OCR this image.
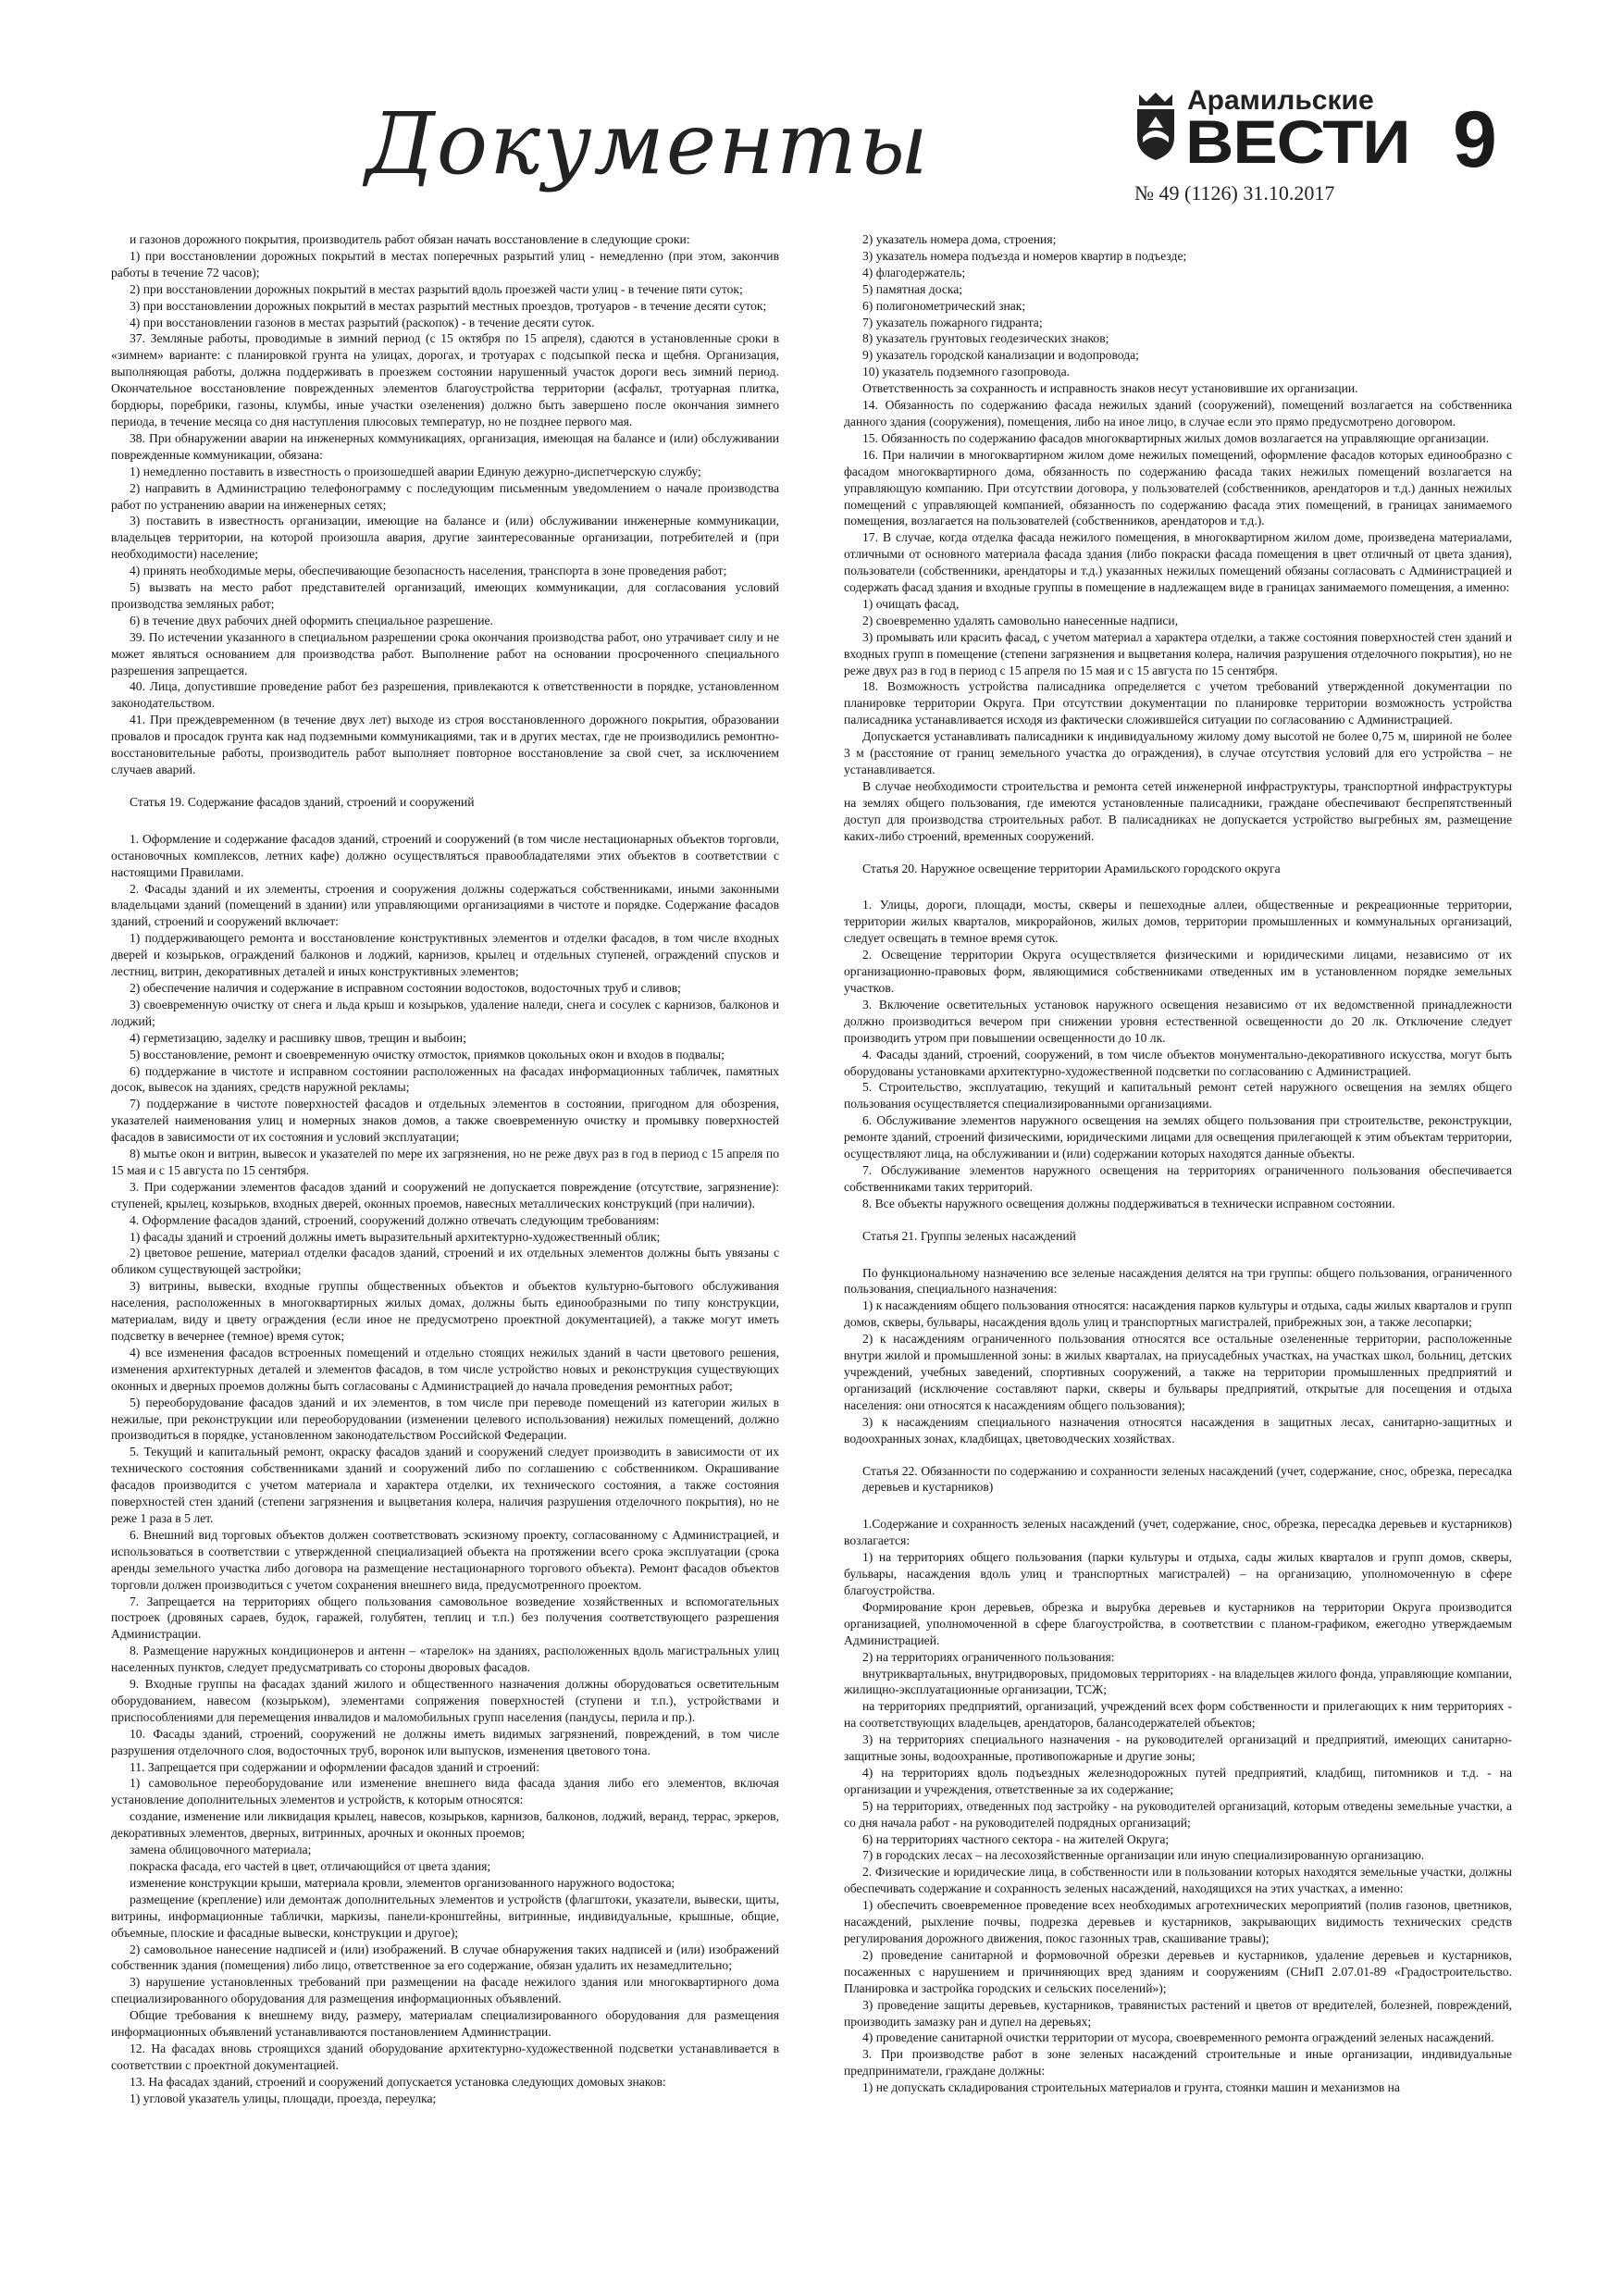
Документы	Арамильские
ВЕСТИ
№ 49 (1126) 31.10.2017
9

и газонов дорожного покрытия, производитель работ обязан начать восстановление в следующие сроки:

1) при восстановлении дорожных покрытий в местах поперечных разрытий улиц - немедленно (при этом, закончив работы в течение 72 часов);

2) при восстановлении дорожных покрытий в местах разрытий вдоль проезжей части улиц - в течение пяти суток;

3) при восстановлении дорожных покрытий в местах разрытий местных проездов, тротуаров - в течение десяти суток;

4) при восстановлении газонов в местах разрытий (раскопок) - в течение десяти суток.

37. Земляные работы, проводимые в зимний период (с 15 октября по 15 апреля), сдаются в установленные сроки в «зимнем» варианте: с планировкой грунта на улицах, дорогах, и тротуарах с подсыпкой песка и щебня. Организация, выполняющая работы, должна поддерживать в проезжем состоянии нарушенный участок дороги весь зимний период. Окончательное восстановление поврежденных элементов благоустройства территории (асфальт, тротуарная плитка, бордюры, поребрики, газоны, клумбы, иные участки озеленения) должно быть завершено после окончания зимнего периода, в течение месяца со дня наступления плюсовых температур, но не позднее первого мая.

38. При обнаружении аварии на инженерных коммуникациях, организация, имеющая на балансе и (или) обслуживании поврежденные коммуникации, обязана:

1) немедленно поставить в известность о произошедшей аварии Единую дежурно-диспетчерскую службу;

2) направить в Администрацию телефонограмму с последующим письменным уведомлением о начале производства работ по устранению аварии на инженерных сетях;

3) поставить в известность организации, имеющие на балансе и (или) обслуживании инженерные коммуникации, владельцев территории, на которой произошла авария, другие заинтересованные организации, потребителей и (при необходимости) население;

4) принять необходимые меры, обеспечивающие безопасность населения, транспорта в зоне проведения работ;

5) вызвать на место работ представителей организаций, имеющих коммуникации, для согласования условий производства земляных работ;

6) в течение двух рабочих дней оформить специальное разрешение.

39. По истечении указанного в специальном разрешении срока окончания производства работ, оно утрачивает силу и не может являться основанием для производства работ. Выполнение работ на основании просроченного специального разрешения запрещается.

40. Лица, допустившие проведение работ без разрешения, привлекаются к ответственности в порядке, установленном законодательством.

41. При преждевременном (в течение двух лет) выходе из строя восстановленного дорожного покрытия, образовании провалов и просадок грунта как над подземными коммуникациями, так и в других местах, где не производились ремонтно-восстановительные работы, производитель работ выполняет повторное восстановление за свой счет, за исключением случаев аварий.

Статья 19. Содержание фасадов зданий, строений и сооружений

1. Оформление и содержание фасадов зданий, строений и сооружений (в том числе нестационарных объектов торговли, остановочных комплексов, летних кафе) должно осуществляться правообладателями этих объектов в соответствии с настоящими Правилами.

2. Фасады зданий и их элементы, строения и сооружения должны содержаться собственниками, иными законными владельцами зданий (помещений в здании) или управляющими организациями в чистоте и порядке. Содержание фасадов зданий, строений и сооружений включает:

1) поддерживающего ремонта и восстановление конструктивных элементов и отделки фасадов, в том числе входных дверей и козырьков, ограждений балконов и лоджий, карнизов, крылец и отдельных ступеней, ограждений спусков и лестниц, витрин, декоративных деталей и иных конструктивных элементов;

2) обеспечение наличия и содержание в исправном состоянии водостоков, водосточных труб и сливов;

3) своевременную очистку от снега и льда крыш и козырьков, удаление наледи, снега и сосулек с карнизов, балконов и лоджий;

4) герметизацию, заделку и расшивку швов, трещин и выбоин;

5) восстановление, ремонт и своевременную очистку отмосток, приямков цокольных окон и входов в подвалы;

6) поддержание в чистоте и исправном состоянии расположенных на фасадах информационных табличек, памятных досок, вывесок на зданиях, средств наружной рекламы;

7) поддержание в чистоте поверхностей фасадов и отдельных элементов в состоянии, пригодном для обозрения, указателей наименования улиц и номерных знаков домов, а также своевременную очистку и промывку поверхностей фасадов в зависимости от их состояния и условий эксплуатации;

8) мытье окон и витрин, вывесок и указателей по мере их загрязнения, но не реже двух раз в год в период с 15 апреля по 15 мая и с 15 августа по 15 сентября.

3. При содержании элементов фасадов зданий и сооружений не допускается повреждение (отсутствие, загрязнение): ступеней, крылец, козырьков, входных дверей, оконных проемов, навесных металлических конструкций (при наличии).

4. Оформление фасадов зданий, строений, сооружений должно отвечать следующим требованиям:

1) фасады зданий и строений должны иметь выразительный архитектурно-художественный облик;

2) цветовое решение, материал отделки фасадов зданий, строений и их отдельных элементов должны быть увязаны с обликом существующей застройки;

3) витрины, вывески, входные группы общественных объектов и объектов культурно-бытового обслуживания населения, расположенных в многоквартирных жилых домах, должны быть единообразными по типу конструкции, материалам, виду и цвету ограждения (если иное не предусмотрено проектной документацией), а также могут иметь подсветку в вечернее (темное) время суток;

4) все изменения фасадов встроенных помещений и отдельно стоящих нежилых зданий в части цветового решения, изменения архитектурных деталей и элементов фасадов, в том числе устройство новых и реконструкция существующих оконных и дверных проемов должны быть согласованы с Администрацией до начала проведения ремонтных работ;

5) переоборудование фасадов зданий и их элементов, в том числе при переводе помещений из категории жилых в нежилые, при реконструкции или переоборудовании (изменении целевого использования) нежилых помещений, должно производиться в порядке, установленном законодательством Российской Федерации.

5. Текущий и капитальный ремонт, окраску фасадов зданий и сооружений следует производить в зависимости от их технического состояния собственниками зданий и сооружений либо по соглашению с собственником. Окрашивание фасадов производится с учетом материала и характера отделки, их технического состояния, а также состояния поверхностей стен зданий (степени загрязнения и выцветания колера, наличия разрушения отделочного покрытия), но не реже 1 раза в 5 лет.

6. Внешний вид торговых объектов должен соответствовать эскизному проекту, согласованному с Администрацией, и использоваться в соответствии с утвержденной специализацией объекта на протяжении всего срока эксплуатации (срока аренды земельного участка либо договора на размещение нестационарного торгового объекта). Ремонт фасадов объектов торговли должен производиться с учетом сохранения внешнего вида, предусмотренного проектом.

7. Запрещается на территориях общего пользования самовольное возведение хозяйственных и вспомогательных построек (дровяных сараев, будок, гаражей, голубятен, теплиц и т.п.) без получения соответствующего разрешения Администрации.

8. Размещение наружных кондиционеров и антенн – «тарелок» на зданиях, расположенных вдоль магистральных улиц населенных пунктов, следует предусматривать со стороны дворовых фасадов.

9. Входные группы на фасадах зданий жилого и общественного назначения должны оборудоваться осветительным оборудованием, навесом (козырьком), элементами сопряжения поверхностей (ступени и т.п.), устройствами и приспособлениями для перемещения инвалидов и маломобильных групп населения (пандусы, перила и пр.).

10. Фасады зданий, строений, сооружений не должны иметь видимых загрязнений, повреждений, в том числе разрушения отделочного слоя, водосточных труб, воронок или выпусков, изменения цветового тона.

11. Запрещается при содержании и оформлении фасадов зданий и строений:

1) самовольное переоборудование или изменение внешнего вида фасада здания либо его элементов, включая установление дополнительных элементов и устройств, к которым относятся:

создание, изменение или ликвидация крылец, навесов, козырьков, карнизов, балконов, лоджий, веранд, террас, эркеров, декоративных элементов, дверных, витринных, арочных и оконных проемов;

замена облицовочного материала;

покраска фасада, его частей в цвет, отличающийся от цвета здания;

изменение конструкции крыши, материала кровли, элементов организованного наружного водостока;

размещение (крепление) или демонтаж дополнительных элементов и устройств (флагштоки, указатели, вывески, щиты, витрины, информационные таблички, маркизы, панели-кронштейны, витринные, индивидуальные, крышные, общие, объемные, плоские и фасадные вывески, конструкции и другое);

2) самовольное нанесение надписей и (или) изображений. В случае обнаружения таких надписей и (или) изображений собственник здания (помещения) либо лицо, ответственное за его содержание, обязан удалить их незамедлительно;

3) нарушение установленных требований при размещении на фасаде нежилого здания или многоквартирного дома специализированного оборудования для размещения информационных объявлений.

Общие требования к внешнему виду, размеру, материалам специализированного оборудования для размещения информационных объявлений устанавливаются постановлением Администрации.

12. На фасадах вновь строящихся зданий оборудование архитектурно-художественной подсветки устанавливается в соответствии с проектной документацией.

13. На фасадах зданий, строений и сооружений допускается установка следующих домовых знаков:

1) угловой указатель улицы, площади, проезда, переулка;

2) указатель номера дома, строения;

3) указатель номера подъезда и номеров квартир в подъезде;

4) флагодержатель;

5) памятная доска;

6) полигонометрический знак;

7) указатель пожарного гидранта;

8) указатель грунтовых геодезических знаков;

9) указатель городской канализации и водопровода;

10) указатель подземного газопровода.

Ответственность за сохранность и исправность знаков несут установившие их организации.

14. Обязанность по содержанию фасада нежилых зданий (сооружений), помещений возлагается на собственника данного здания (сооружения), помещения, либо на иное лицо, в случае если это прямо предусмотрено договором.

15. Обязанность по содержанию фасадов многоквартирных жилых домов возлагается на управляющие организации.

16. При наличии в многоквартирном жилом доме нежилых помещений, оформление фасадов которых единообразно с фасадом многоквартирного дома, обязанность по содержанию фасада таких нежилых помещений возлагается на управляющую компанию. При отсутствии договора, у пользователей (собственников, арендаторов и т.д.) данных нежилых помещений с управляющей компанией, обязанность по содержанию фасада этих помещений, в границах занимаемого помещения, возлагается на пользователей (собственников, арендаторов и т.д.).

17. В случае, когда отделка фасада нежилого помещения, в многоквартирном жилом доме, произведена материалами, отличными от основного материала фасада здания (либо покраски фасада помещения в цвет отличный от цвета здания), пользователи (собственники, арендаторы и т.д.) указанных нежилых помещений обязаны согласовать с Администрацией и содержать фасад здания и входные группы в помещение в надлежащем виде в границах занимаемого помещения, а именно:

1) очищать фасад,

2) своевременно удалять самовольно нанесенные надписи,

3) промывать или красить фасад, с учетом материал а характера отделки, а также состояния поверхностей стен зданий и входных групп в помещение (степени загрязнения и выцветания колера, наличия разрушения отделочного покрытия), но не реже двух раз в год в период с 15 апреля по 15 мая и с 15 августа по 15 сентября.

18. Возможность устройства палисадника определяется с учетом требований утвержденной документации по планировке территории Округа. При отсутствии документации по планировке территории возможность устройства палисадника устанавливается исходя из фактически сложившейся ситуации по согласованию с Администрацией.

Допускается устанавливать палисадники к индивидуальному жилому дому высотой не более 0,75 м, шириной не более 3 м (расстояние от границ земельного участка до ограждения), в случае отсутствия условий для его устройства – не устанавливается.

В случае необходимости строительства и ремонта сетей инженерной инфраструктуры, транспортной инфраструктуры на землях общего пользования, где имеются установленные палисадники, граждане обеспечивают беспрепятственный доступ для производства строительных работ. В палисадниках не допускается устройство выгребных ям, размещение каких-либо строений, временных сооружений.

Статья 20. Наружное освещение территории Арамильского городского округа

1. Улицы, дороги, площади, мосты, скверы и пешеходные аллеи, общественные и рекреационные территории, территории жилых кварталов, микрорайонов, жилых домов, территории промышленных и коммунальных организаций, следует освещать в темное время суток.

2. Освещение территории Округа осуществляется физическими и юридическими лицами, независимо от их организационно-правовых форм, являющимися собственниками отведенных им в установленном порядке земельных участков.

3. Включение осветительных установок наружного освещения независимо от их ведомственной принадлежности должно производиться вечером при снижении уровня естественной освещенности до 20 лк. Отключение следует производить утром при повышении освещенности до 10 лк.

4. Фасады зданий, строений, сооружений, в том числе объектов монументально-декоративного искусства, могут быть оборудованы установками архитектурно-художественной подсветки по согласованию с Администрацией.

5. Строительство, эксплуатацию, текущий и капитальный ремонт сетей наружного освещения на землях общего пользования осуществляется специализированными организациями.

6. Обслуживание элементов наружного освещения на землях общего пользования при строительстве, реконструкции, ремонте зданий, строений физическими, юридическими лицами для освещения прилегающей к этим объектам территории, осуществляют лица, на обслуживании и (или) содержании которых находятся данные объекты.

7. Обслуживание элементов наружного освещения на территориях ограниченного пользования обеспечивается собственниками таких территорий.

8. Все объекты наружного освещения должны поддерживаться в технически исправном состоянии.

Статья 21. Группы зеленых насаждений

По функциональному назначению все зеленые насаждения делятся на три группы: общего пользования, ограниченного пользования, специального назначения:

1) к насаждениям общего пользования относятся: насаждения парков культуры и отдыха, сады жилых кварталов и групп домов, скверы, бульвары, насаждения вдоль улиц и транспортных магистралей, прибрежных зон, а также лесопарки;

2) к насаждениям ограниченного пользования относятся все остальные озелененные территории, расположенные внутри жилой и промышленной зоны: в жилых кварталах, на приусадебных участках, на участках школ, больниц, детских учреждений, учебных заведений, спортивных сооружений, а также на территории промышленных предприятий и организаций (исключение составляют парки, скверы и бульвары предприятий, открытые для посещения и отдыха населения: они относятся к насаждениям общего пользования);

3) к насаждениям специального назначения относятся насаждения в защитных лесах, санитарно-защитных и водоохранных зонах, кладбищах, цветоводческих хозяйствах.

Статья 22. Обязанности по содержанию и сохранности зеленых насаждений (учет, содержание, снос, обрезка, пересадка деревьев и кустарников)

1.Содержание и сохранность зеленых насаждений (учет, содержание, снос, обрезка, пересадка деревьев и кустарников) возлагается:

1) на территориях общего пользования (парки культуры и отдыха, сады жилых кварталов и групп домов, скверы, бульвары, насаждения вдоль улиц и транспортных магистралей) – на организацию, уполномоченную в сфере благоустройства.

Формирование крон деревьев, обрезка и вырубка деревьев и кустарников на территории Округа производится организацией, уполномоченной в сфере благоустройства, в соответствии с планом-графиком, ежегодно утверждаемым Администрацией.

2) на территориях ограниченного пользования:

внутриквартальных, внутридворовых, придомовых территориях - на владельцев жилого фонда, управляющие компании, жилищно-эксплуатационные организации, ТСЖ;

на территориях предприятий, организаций, учреждений всех форм собственности и прилегающих к ним территориях - на соответствующих владельцев, арендаторов, балансодержателей объектов;

3) на территориях специального назначения - на руководителей организаций и предприятий, имеющих санитарно-защитные зоны, водоохранные, противопожарные и другие зоны;

4) на территориях вдоль подъездных железнодорожных путей предприятий, кладбищ, питомников и т.д. - на организации и учреждения, ответственные за их содержание;

5) на территориях, отведенных под застройку - на руководителей организаций, которым отведены земельные участки, а со дня начала работ - на руководителей подрядных организаций;

6) на территориях частного сектора - на жителей Округа;

7) в городских лесах – на лесохозяйственные организации или иную специализированную организацию.

2. Физические и юридические лица, в собственности или в пользовании которых находятся земельные участки, должны обеспечивать содержание и сохранность зеленых насаждений, находящихся на этих участках, а именно:

1) обеспечить своевременное проведение всех необходимых агротехнических мероприятий (полив газонов, цветников, насаждений, рыхление почвы, подрезка деревьев и кустарников, закрывающих видимость технических средств регулирования дорожного движения, покос газонных трав, скашивание травы);

2) проведение санитарной и формовочной обрезки деревьев и кустарников, удаление деревьев и кустарников, посаженных с нарушением и причиняющих вред зданиям и сооружениям (СНиП 2.07.01-89 «Градостроительство. Планировка и застройка городских и сельских поселений»);

3) проведение защиты деревьев, кустарников, травянистых растений и цветов от вредителей, болезней, повреждений, производить замазку ран и дупел на деревьях;

4) проведение санитарной очистки территории от мусора, своевременного ремонта ограждений зеленых насаждений.

3. При производстве работ в зоне зеленых насаждений строительные и иные организации, индивидуальные предприниматели, граждане должны:

1) не допускать складирования строительных материалов и грунта, стоянки машин и механизмов на
